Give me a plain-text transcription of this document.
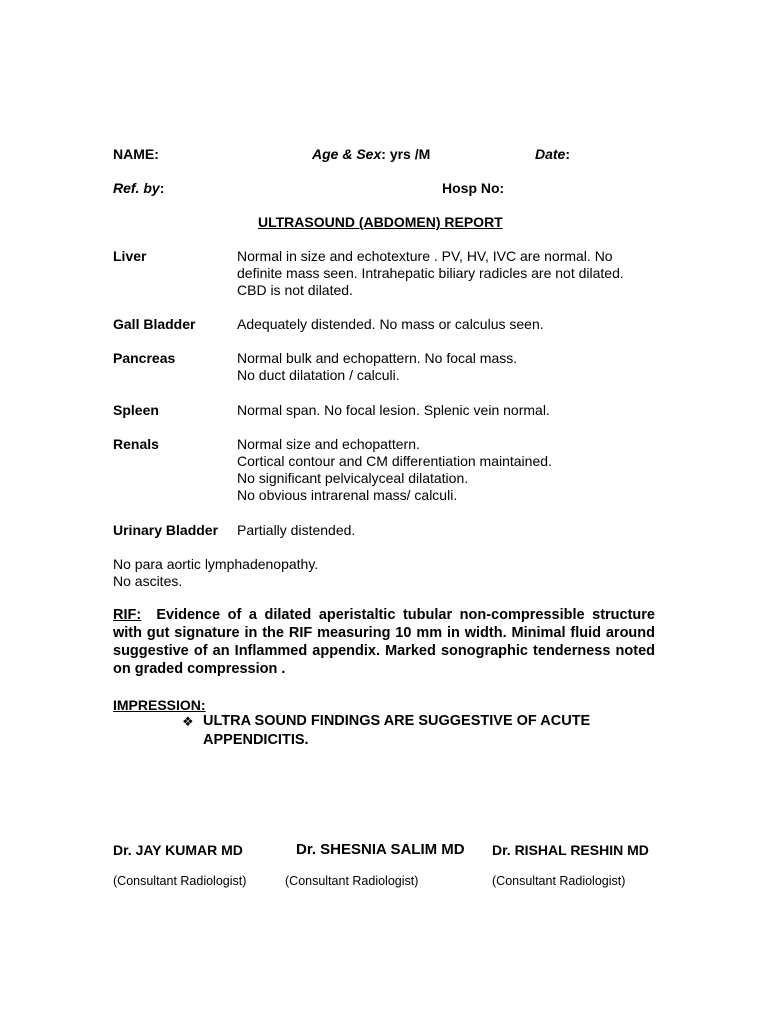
NAME:	Age & Sex: yrs /M	Date:
Ref. by:	Hosp No:
ULTRASOUND (ABDOMEN) REPORT
Liver	Normal in size and echotexture . PV, HV, IVC are normal. No
definite mass seen. Intrahepatic biliary radicles are not dilated.
CBD is not dilated.
Gall Bladder	Adequately distended. No mass or calculus seen.
Pancreas	Normal bulk and echopattern. No focal mass.
No duct dilatation / calculi.
Spleen	Normal span. No focal lesion. Splenic vein normal.
Renals	Normal size and echopattern.
Cortical contour and CM differentiation maintained.
No significant pelvicalyceal dilatation.
No obvious intrarenal mass/ calculi.
Urinary Bladder Partially distended.
No para aortic lymphadenopathy.
No ascites.
RIF: Evidence of a dilated aperistaltic tubular non-compressible structure with gut signature in the RIF measuring 10 mm in width. Minimal fluid around suggestive of an Inflammed appendix. Marked sonographic tenderness noted on graded compression .
IMPRESSION:
❖ ULTRA SOUND FINDINGS ARE SUGGESTIVE OF ACUTE
APPENDICITIS.
Dr. JAY KUMAR MD	Dr. SHESNIA SALIM MD Dr. RISHAL RESHIN MD
(Consultant Radiologist)	(Consultant Radiologist)	(Consultant Radiologist)
